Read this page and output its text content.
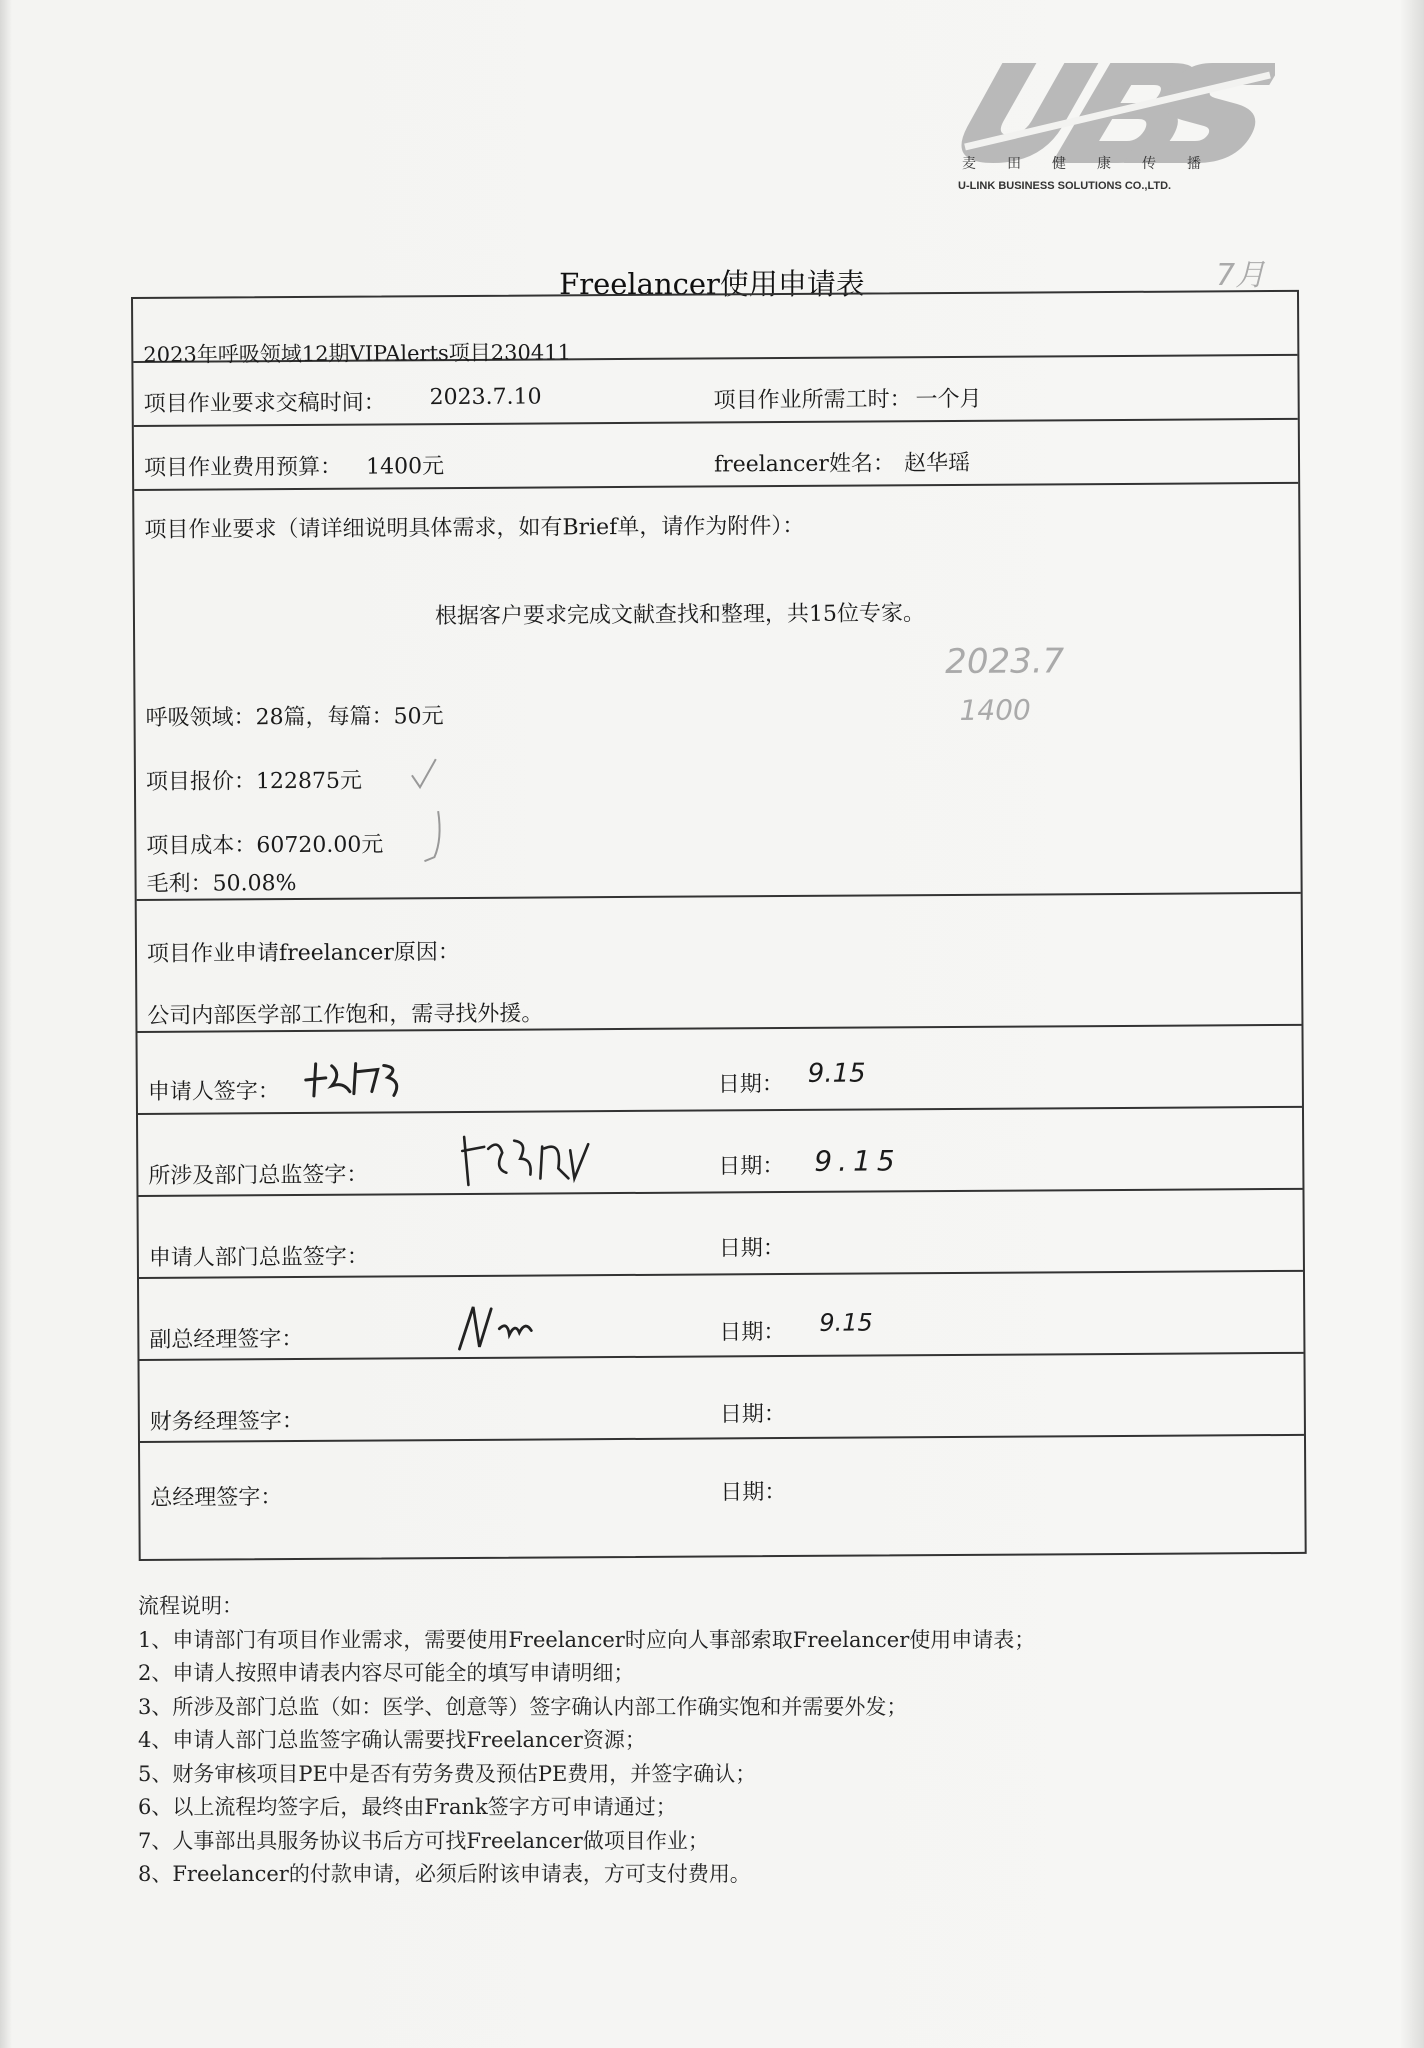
麦田健康传播
U-LINK BUSINESS SOLUTIONS CO.,LTD.
7月
Freelancer使用申请表
2023年呼吸领域12期VIPAlerts项目230411
项目作业要求交稿时间： 2023.7.10	项目作业所需工时： 一个月
项目作业费用预算： 1400元	freelancer姓名： 赵华瑶
项目作业要求（请详细说明具体需求，如有Brief单，请作为附件）：
根据客户要求完成文献查找和整理，共15位专家。
2023.7
1400
呼吸领域：28篇，每篇：50元
项目报价：122875元
项目成本：60720.00元
毛利：50.08%
项目作业申请freelancer原因：
公司内部医学部工作饱和，需寻找外援。
申请人签字：	日期： 9.15
所涉及部门总监签字：	日期： 9.15
申请人部门总监签字：	日期：
副总经理签字：	日期： 9.15
财务经理签字：	日期：
总经理签字：	日期：
流程说明：
1、申请部门有项目作业需求，需要使用Freelancer时应向人事部索取Freelancer使用申请表；
2、申请人按照申请表内容尽可能全的填写申请明细；
3、所涉及部门总监（如：医学、创意等）签字确认内部工作确实饱和并需要外发；
4、申请人部门总监签字确认需要找Freelancer资源；
5、财务审核项目PE中是否有劳务费及预估PE费用，并签字确认；
6、以上流程均签字后，最终由Frank签字方可申请通过；
7、人事部出具服务协议书后方可找Freelancer做项目作业；
8、Freelancer的付款申请，必须后附该申请表，方可支付费用。
